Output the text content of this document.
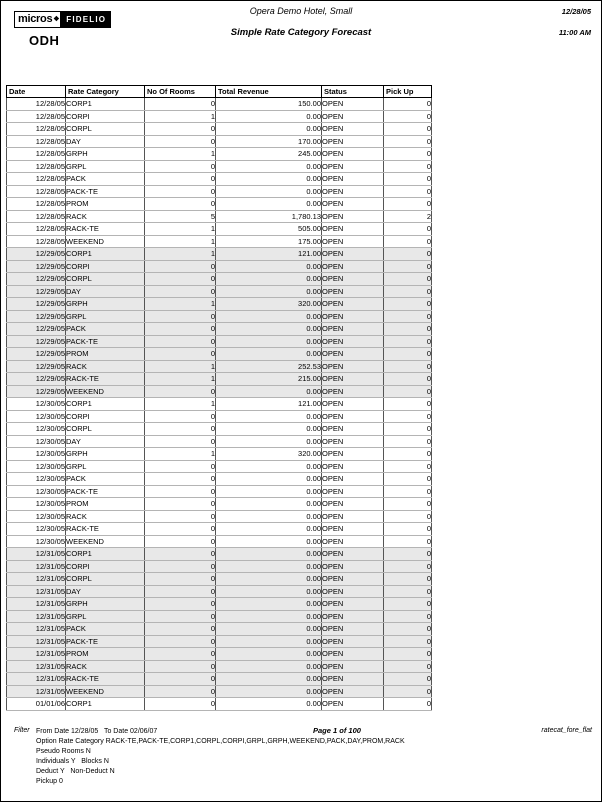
micros ❖ FIDELIO
ODH
Opera Demo Hotel, Small
Simple Rate Category Forecast
12/28/05
11:00 AM
Date	Rate Category	No Of Rooms	Total Revenue	Status	Pick Up
12/28/05	CORP1	0	150.00	OPEN	0
12/28/05	CORPI	1	0.00	OPEN	0
12/28/05	CORPL	0	0.00	OPEN	0
12/28/05	DAY	0	170.00	OPEN	0
12/28/05	GRPH	1	245.00	OPEN	0
12/28/05	GRPL	0	0.00	OPEN	0
12/28/05	PACK	0	0.00	OPEN	0
12/28/05	PACK-TE	0	0.00	OPEN	0
12/28/05	PROM	0	0.00	OPEN	0
12/28/05	RACK	5	1,780.13	OPEN	2
12/28/05	RACK-TE	1	505.00	OPEN	0
12/28/05	WEEKEND	1	175.00	OPEN	0
12/29/05	CORP1	1	121.00	OPEN	0
12/29/05	CORPI	0	0.00	OPEN	0
12/29/05	CORPL	0	0.00	OPEN	0
12/29/05	DAY	0	0.00	OPEN	0
12/29/05	GRPH	1	320.00	OPEN	0
12/29/05	GRPL	0	0.00	OPEN	0
12/29/05	PACK	0	0.00	OPEN	0
12/29/05	PACK-TE	0	0.00	OPEN	0
12/29/05	PROM	0	0.00	OPEN	0
12/29/05	RACK	1	252.53	OPEN	0
12/29/05	RACK-TE	1	215.00	OPEN	0
12/29/05	WEEKEND	0	0.00	OPEN	0
12/30/05	CORP1	1	121.00	OPEN	0
12/30/05	CORPI	0	0.00	OPEN	0
12/30/05	CORPL	0	0.00	OPEN	0
12/30/05	DAY	0	0.00	OPEN	0
12/30/05	GRPH	1	320.00	OPEN	0
12/30/05	GRPL	0	0.00	OPEN	0
12/30/05	PACK	0	0.00	OPEN	0
12/30/05	PACK-TE	0	0.00	OPEN	0
12/30/05	PROM	0	0.00	OPEN	0
12/30/05	RACK	0	0.00	OPEN	0
12/30/05	RACK-TE	0	0.00	OPEN	0
12/30/05	WEEKEND	0	0.00	OPEN	0
12/31/05	CORP1	0	0.00	OPEN	0
12/31/05	CORPI	0	0.00	OPEN	0
12/31/05	CORPL	0	0.00	OPEN	0
12/31/05	DAY	0	0.00	OPEN	0
12/31/05	GRPH	0	0.00	OPEN	0
12/31/05	GRPL	0	0.00	OPEN	0
12/31/05	PACK	0	0.00	OPEN	0
12/31/05	PACK-TE	0	0.00	OPEN	0
12/31/05	PROM	0	0.00	OPEN	0
12/31/05	RACK	0	0.00	OPEN	0
12/31/05	RACK-TE	0	0.00	OPEN	0
12/31/05	WEEKEND	0	0.00	OPEN	0
01/01/06	CORP1	0	0.00	OPEN	0
Filter From Date 12/28/05   To Date 02/06/07
Option Rate Category RACK-TE,PACK-TE,CORP1,CORPL,CORPI,GRPL,GRPH,WEEKEND,PACK,DAY,PROM,RACK
Pseudo Rooms N
Individuals Y   Blocks N
Deduct Y   Non-Deduct N
Pickup 0
Page 1 of 100	ratecat_fore_flat
